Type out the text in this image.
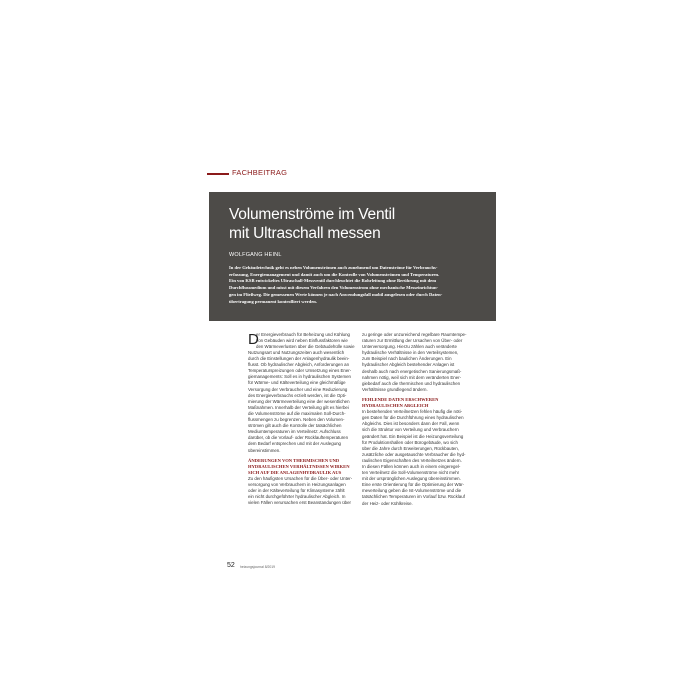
FACHBEITRAG
Volumenströme im Ventil
mit Ultraschall messen
WOLFGANG HEINL
In der Gebäudetechnik geht es neben Volumenströmen auch zunehmend um Datenströme für Verbrauchs-
erfassung, Energiemanagement und damit auch um die Kontrolle von Volumenströmen und Temperaturen.
Ein von KSB entwickeltes Ultraschall-Messventil durchleuchtet die Rohrleitung ohne Berührung mit dem
Durchflussmedium und misst mit diesem Verfahren den Volumenstrom ohne mechanische Messeinrichtun-
gen im Fließweg. Die gemessenen Werte können je nach Anwendungsfall mobil ausgelesen oder durch Daten-
übertragung permanent kontrolliert werden.
D
er Energieverbrauch für Beheizung und Kühlung
von Gebäuden wird neben Einflussfaktoren wie
den Wärmeverlusten über die Gebäudehülle sowie
Nutzungsart und Nutzungszeiten auch wesentlich
durch die Einstellungen der Anlagenhydraulik beein-
flusst. Ob hydraulischer Abgleich, Anforderungen an
Temperaturspreizungen oder Umsetzung eines Ener-
giemanagements: Soll es in hydraulischen Systemen
für Wärme- und Kälteverteilung eine gleichmäßige
Versorgung der Verbraucher und eine Reduzierung
des Energieverbrauchs erzielt werden, ist die Opti-
mierung der Wärmeverteilung eine der wesentlichen
Maßnahmen. Innerhalb der Verteilung gilt es hierbei
die Volumenströme auf die maximalen Soll-Durch-
flussmengen zu begrenzen. Neben den Volumen-
strömen gilt auch die Kontrolle der tatsächlichen
Mediumtemperaturen im Verteilnetz: Aufschluss
darüber, ob die Vorlauf- oder Rücklauftemperaturen
dem Bedarf entsprechen und mit der Auslegung
übereinstimmen.
ÄNDERUNGEN VON THERMISCHEN UND
HYDRAULISCHEN VERHÄLTNISSEN WIRKEN
SICH AUF DIE ANLAGENHYDRAULIK AUS
Zu den häufigsten Ursachen für die Über- oder Unter-
versorgung von Verbrauchern in Heizungsanlagen
oder in der Kälteverteilung für Klimasysteme zählt
ein nicht durchgeführter hydraulischer Abgleich. In
vielen Fällen verursachen erst Beanstandungen über
zu geringe oder unzureichend regelbare Raumtempe-
raturen zur Ermittlung der Ursachen von Über- oder
Unterversorgung. Hierzu zählen auch veränderte
hydraulische Verhältnisse in den Verteilsystemen,
zum Beispiel nach baulichen Änderungen. Ein
hydraulischer Abgleich bestehender Anlagen ist
deshalb auch nach energetischen Sanierungsmaß-
nahmen nötig, weil sich mit dem veränderten Ener-
giebedarf auch die thermischen und hydraulischen
Verhältnisse grundlegend ändern.
FEHLENDE DATEN ERSCHWEREN
HYDRAULISCHEN ABGLEICH
In bestehenden Verteilnetzen fehlen häufig die nöti-
gen Daten für die Durchführung eines hydraulischen
Abgleichs. Dies ist besonders dann der Fall, wenn
sich die Struktur von Verteilung und Verbrauchern
geändert hat. Ein Beispiel ist die Heizungsverteilung
für Produktionshallen oder Bürogebäude, wo sich
über die Jahre durch Erweiterungen, Rückbauten,
zusätzliche oder ausgetauschte Verbraucher die hyd-
raulischen Eigenschaften des Verteilnetzes ändern.
In diesen Fällen können auch in einem eingeregel-
ten Verteilnetz die Soll-Volumenströme nicht mehr
mit der ursprünglichen Auslegung übereinstimmen.
Eine erste Orientierung für die Optimierung der Wär-
meverteilung geben die Ist-Volumenströme und die
tatsächlichen Temperaturen im Vorlauf bzw. Rücklauf
der Heiz- oder Kühlkreise.
52 heizungsjournal 8/2019
